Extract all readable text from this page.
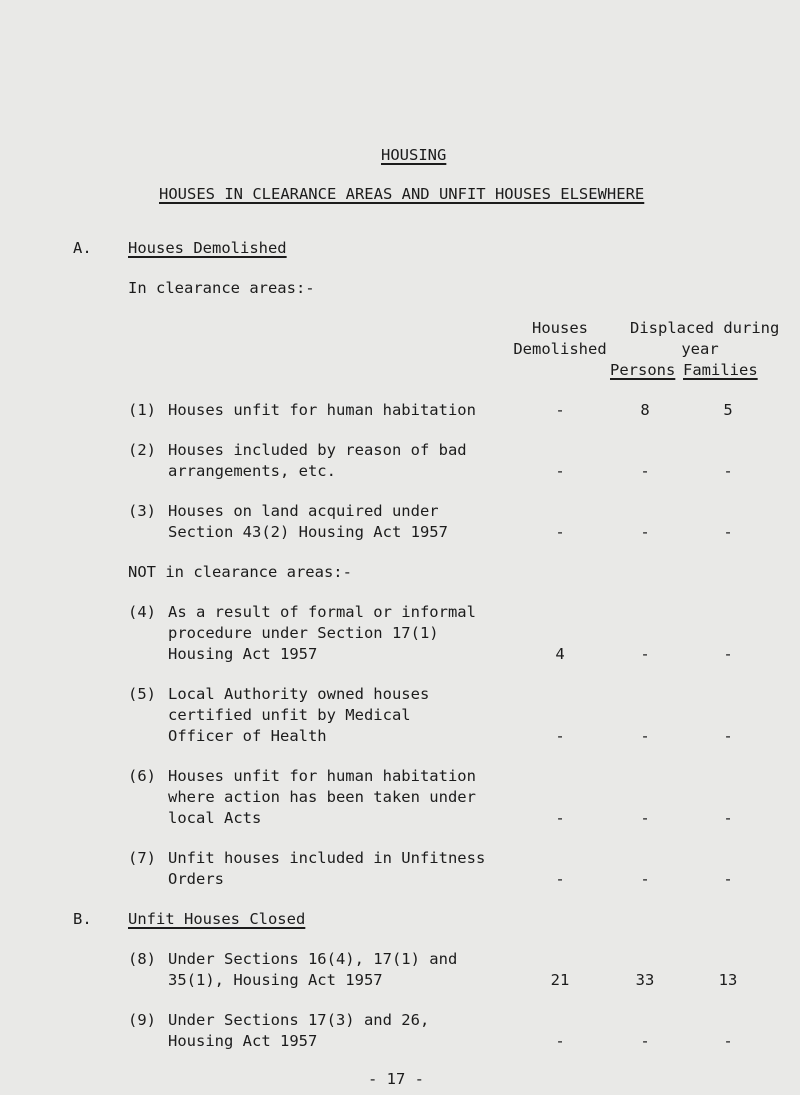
HOUSING
HOUSES IN CLEARANCE AREAS AND UNFIT HOUSES ELSEWHERE
A. Houses Demolished
In clearance areas:-
Houses
Demolished
Displaced during
year
Persons Families
(1) Houses unfit for human habitation	-	8	5
(2) Houses included by reason of bad
arrangements, etc.	-	-	-
(3) Houses on land acquired under
Section 43(2) Housing Act 1957	-	-	-
NOT in clearance areas:-
(4) As a result of formal or informal
procedure under Section 17(1)
Housing Act 1957	4	-	-
(5) Local Authority owned houses
certified unfit by Medical
Officer of Health	-	-	-
(6) Houses unfit for human habitation
where action has been taken under
local Acts	-	-	-
(7) Unfit houses included in Unfitness
Orders	-	-	-
B. Unfit Houses Closed
(8) Under Sections 16(4), 17(1) and
35(1), Housing Act 1957	21	33	13
(9) Under Sections 17(3) and 26,
Housing Act 1957	-	-	-
- 17 -
